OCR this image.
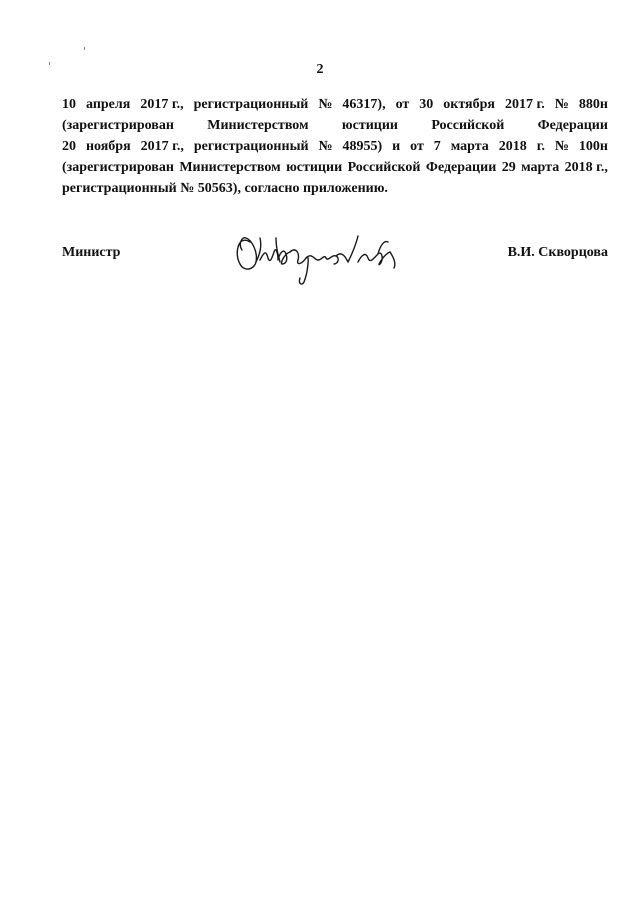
2
10 апреля 2017 г., регистрационный № 46317), от 30 октября 2017 г. № 880н
(зарегистрирован Министерством юстиции Российской Федерации
20 ноября 2017 г., регистрационный № 48955) и от 7 марта 2018 г. № 100н
(зарегистрирован Министерством юстиции Российской Федерации 29 марта 2018 г.,
регистрационный № 50563), согласно приложению.
Министр	В.И. Скворцова
